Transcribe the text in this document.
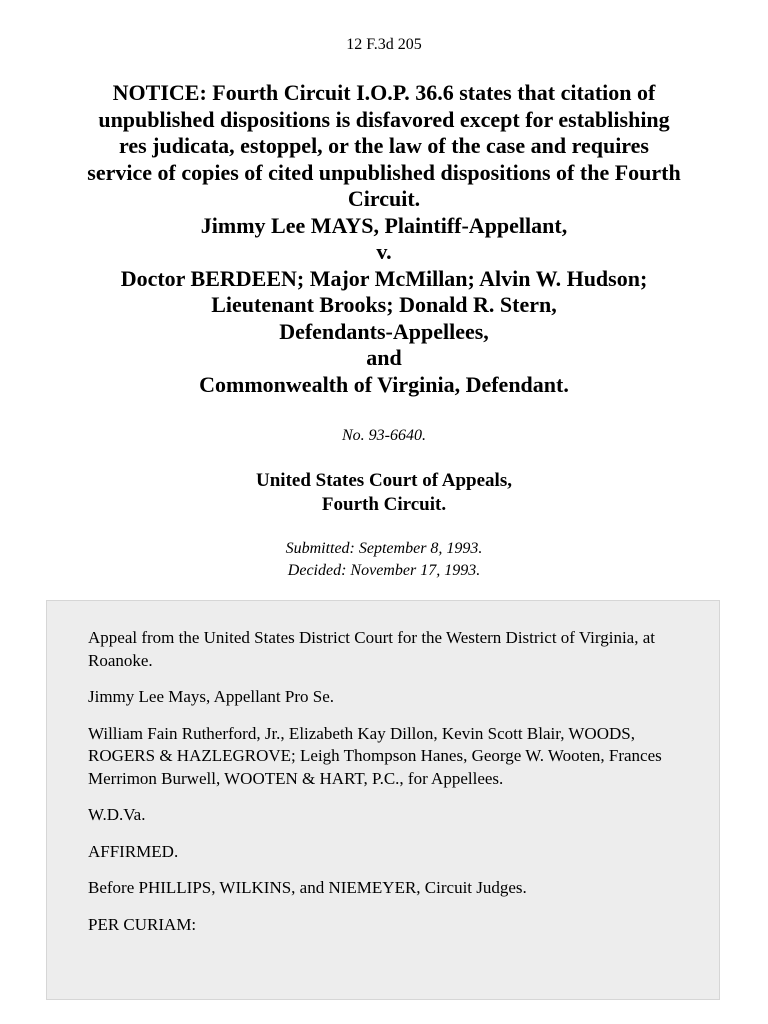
12 F.3d 205
NOTICE: Fourth Circuit I.O.P. 36.6 states that citation of
unpublished dispositions is disfavored except for establishing
res judicata, estoppel, or the law of the case and requires
service of copies of cited unpublished dispositions of the Fourth
Circuit.
Jimmy Lee MAYS, Plaintiff-Appellant,
v.
Doctor BERDEEN; Major McMillan; Alvin W. Hudson;
Lieutenant Brooks; Donald R. Stern,
Defendants-Appellees,
and
Commonwealth of Virginia, Defendant.
No. 93-6640.
United States Court of Appeals,
Fourth Circuit.
Submitted: September 8, 1993.
Decided: November 17, 1993.

Appeal from the United States District Court for the Western District of Virginia, at Roanoke.

Jimmy Lee Mays, Appellant Pro Se.

William Fain Rutherford, Jr., Elizabeth Kay Dillon, Kevin Scott Blair, WOODS, ROGERS & HAZLEGROVE; Leigh Thompson Hanes, George W. Wooten, Frances Merrimon Burwell, WOOTEN & HART, P.C., for Appellees.

W.D.Va.

AFFIRMED.

Before PHILLIPS, WILKINS, and NIEMEYER, Circuit Judges.

PER CURIAM:
